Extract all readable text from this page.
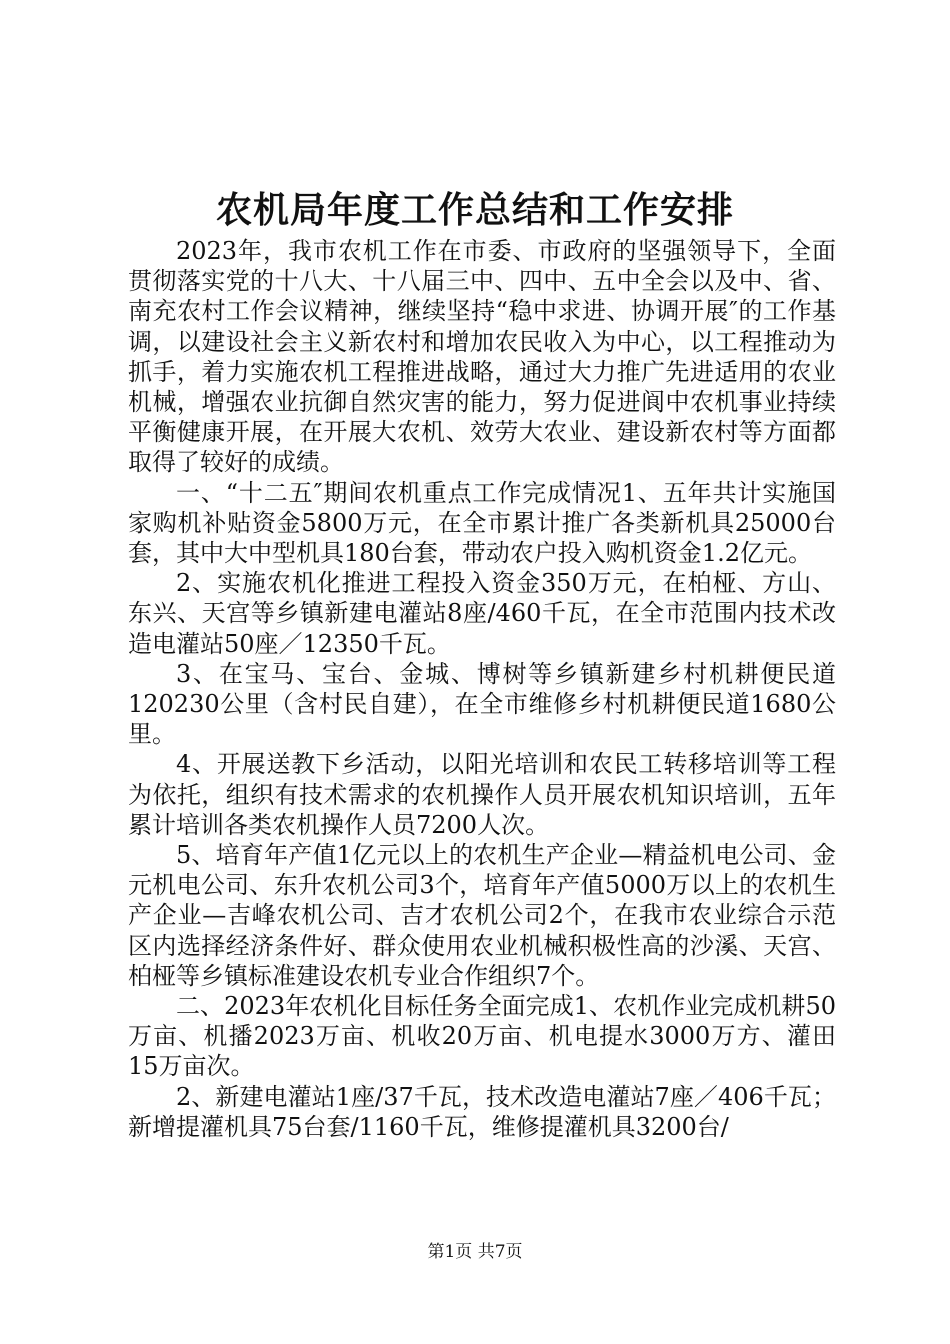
农机局年度工作总结和工作安排

2023年，我市农机工作在市委、市政府的坚强领导下，全面贯彻落实党的十八大、十八届三中、四中、五中全会以及中、省、南充农村工作会议精神，继续坚持“稳中求进、协调开展″的工作基调，以建设社会主义新农村和增加农民收入为中心，以工程推动为抓手，着力实施农机工程推进战略，通过大力推广先进适用的农业机械，增强农业抗御自然灾害的能力，努力促进阆中农机事业持续平衡健康开展，在开展大农机、效劳大农业、建设新农村等方面都取得了较好的成绩。

一、“十二五″期间农机重点工作完成情况1、五年共计实施国家购机补贴资金5800万元，在全市累计推广各类新机具25000台套，其中大中型机具180台套，带动农户投入购机资金1.2亿元。

2、实施农机化推进工程投入资金350万元，在柏桠、方山、东兴、天宫等乡镇新建电灌站8座/460千瓦，在全市范围内技术改造电灌站50座／12350千瓦。

3、在宝马、宝台、金城、博树等乡镇新建乡村机耕便民道120230公里（含村民自建），在全市维修乡村机耕便民道1680公里。

4、开展送教下乡活动，以阳光培训和农民工转移培训等工程为依托，组织有技术需求的农机操作人员开展农机知识培训，五年累计培训各类农机操作人员7200人次。

5、培育年产值1亿元以上的农机生产企业—精益机电公司、金元机电公司、东升农机公司3个，培育年产值5000万以上的农机生产企业—吉峰农机公司、吉才农机公司2个，在我市农业综合示范区内选择经济条件好、群众使用农业机械积极性高的沙溪、天宫、柏桠等乡镇标准建设农机专业合作组织7个。

二、2023年农机化目标任务全面完成1、农机作业完成机耕50万亩、机播2023万亩、机收20万亩、机电提水3000万方、灌田15万亩次。

2、新建电灌站1座/37千瓦，技术改造电灌站7座／406千瓦；新增提灌机具75台套/1160千瓦，维修提灌机具3200台/

第1页 共7页
